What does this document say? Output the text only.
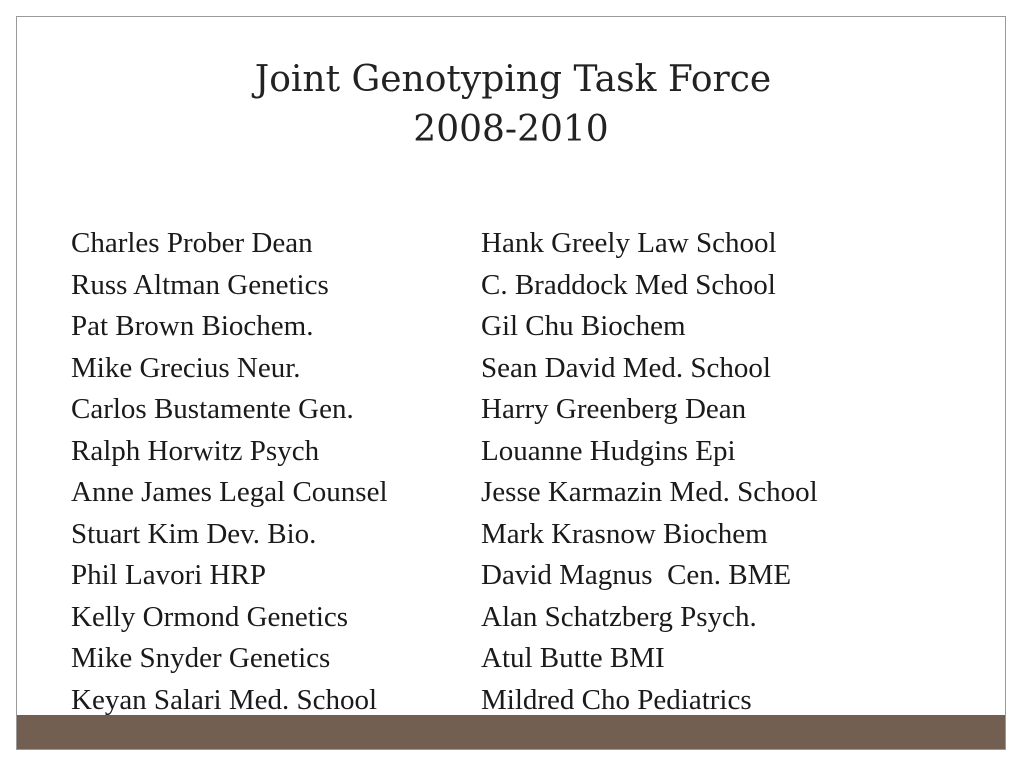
Joint Genotyping Task Force
2008-2010
Charles Prober Dean
Russ Altman Genetics
Pat Brown Biochem.
Mike Grecius Neur.
Carlos Bustamente Gen.
Ralph Horwitz Psych
Anne James Legal Counsel
Stuart Kim Dev. Bio.
Phil Lavori HRP
Kelly Ormond Genetics
Mike Snyder Genetics
Keyan Salari Med. School
Hank Greely Law School
C. Braddock Med School
Gil Chu Biochem
Sean David Med. School
Harry Greenberg Dean
Louanne Hudgins Epi
Jesse Karmazin Med. School
Mark Krasnow Biochem
David Magnus  Cen. BME
Alan Schatzberg Psych.
Atul Butte BMI
Mildred Cho Pediatrics
